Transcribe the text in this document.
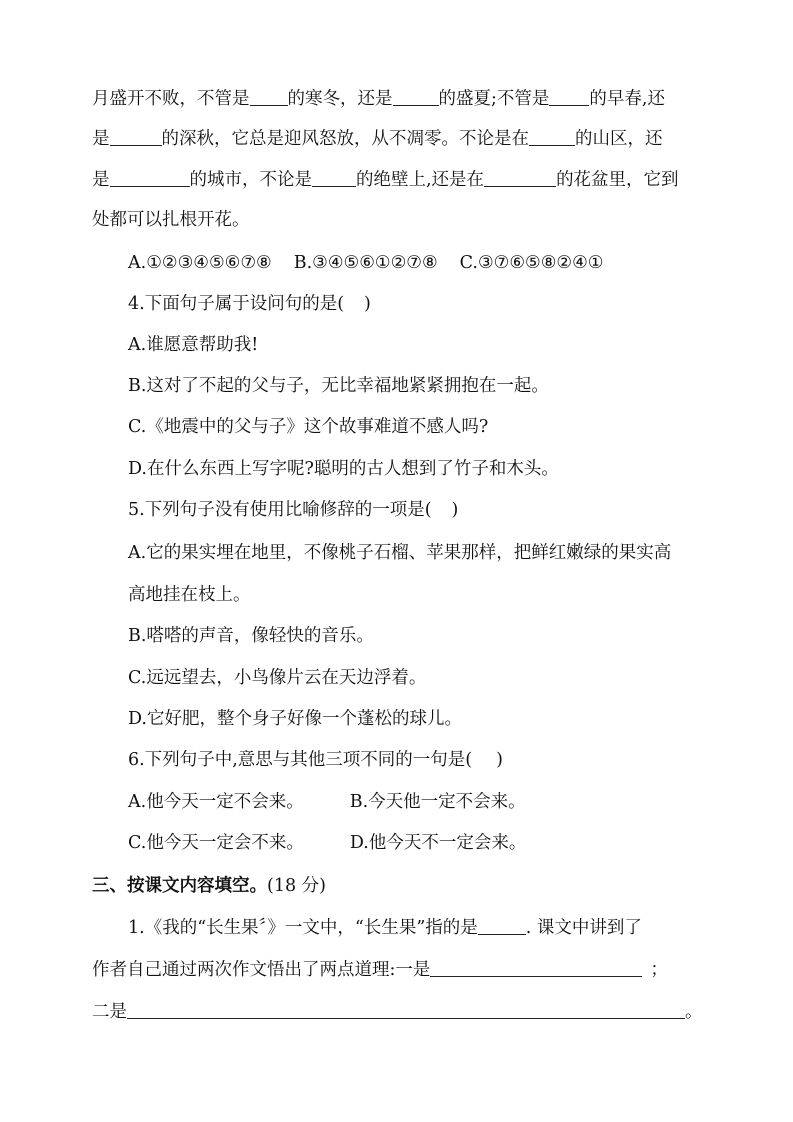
月盛开不败，不管是 的寒冬，还是	的盛夏;不管是 的早春,还
是	的深秋，它总是迎风怒放，从不凋零。不论是在	的山区，还
是	的城市，不论是	的绝壁上,还是在	的花盆里，它到
处都可以扎根开花。
A.①②③④⑤⑥⑦⑧ B.③④⑤⑥①②⑦⑧ C.③⑦⑥⑤⑧②④①
4.下面句子属于设问句的是( )
A.谁愿意帮助我!
B.这对了不起的父与子，无比幸福地紧紧拥抱在一起。
C.《地震中的父与子》这个故事难道不感人吗?
D.在什么东西上写字呢?聪明的古人想到了竹子和木头。
5.下列句子没有使用比喻修辞的一项是( )
A.它的果实埋在地里，不像桃子石榴、苹果那样，把鲜红嫩绿的果实高
高地挂在枝上。
B.嗒嗒的声音，像轻快的音乐。
C.远远望去，小鸟像片云在天边浮着。
D.它好肥，整个身子好像一个蓬松的球儿。
6.下列句子中,意思与其他三项不同的一句是( )
A.他今天一定不会来。	B.今天他一定不会来。
C.他今天一定会不来。	D.他今天不一定会来。
三、按课文内容填空。(18 分)
1.《我的“长生果〞》一文中，“长生果”指的是	. 课文中讲到了
作者自己通过两次作文悟出了两点道理:一是	；
二是	。
